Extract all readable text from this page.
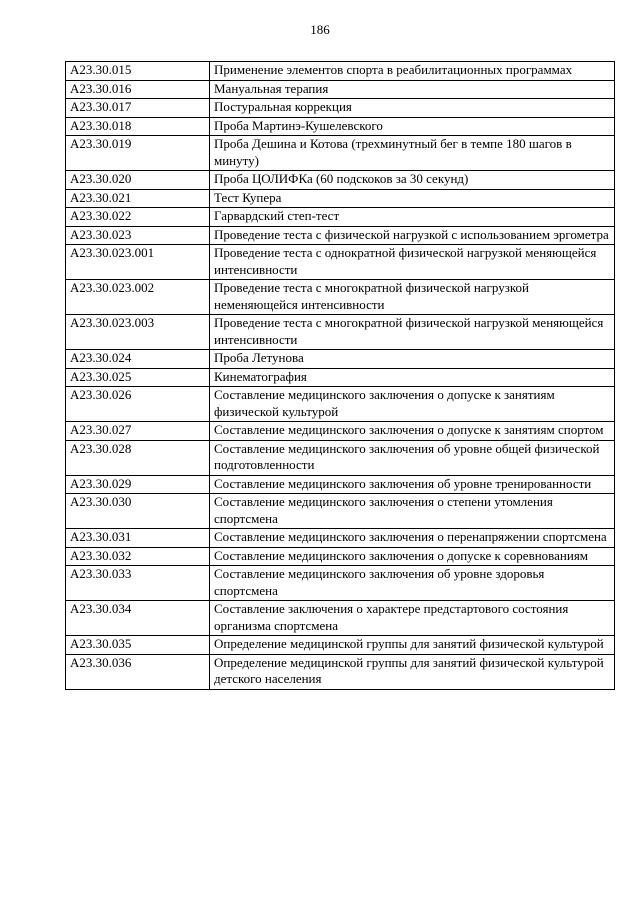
186
A23.30.015	Применение элементов спорта в реабилитационных программах
A23.30.016	Мануальная терапия
A23.30.017	Постуральная коррекция
A23.30.018	Проба Мартинэ-Кушелевского
A23.30.019	Проба Дешина и Котова (трехминутный бег в темпе 180 шагов в минуту)
A23.30.020	Проба ЦОЛИФКа (60 подскоков за 30 секунд)
A23.30.021	Тест Купера
A23.30.022	Гарвардский степ-тест
A23.30.023	Проведение теста с физической нагрузкой с использованием эргометра
A23.30.023.001	Проведение теста с однократной физической нагрузкой меняющейся интенсивности
A23.30.023.002	Проведение теста с многократной физической нагрузкой неменяющейся интенсивности
A23.30.023.003	Проведение теста с многократной физической нагрузкой меняющейся интенсивности
A23.30.024	Проба Летунова
A23.30.025	Кинематография
A23.30.026	Составление медицинского заключения о допуске к занятиям физической культурой
A23.30.027	Составление медицинского заключения о допуске к занятиям спортом
A23.30.028	Составление медицинского заключения об уровне общей физической подготовленности
A23.30.029	Составление медицинского заключения об уровне тренированности
A23.30.030	Составление медицинского заключения о степени утомления спортсмена
A23.30.031	Составление медицинского заключения о перенапряжении спортсмена
A23.30.032	Составление медицинского заключения о допуске к соревнованиям
A23.30.033	Составление медицинского заключения об уровне здоровья спортсмена
A23.30.034	Составление заключения о характере предстартового состояния организма спортсмена
A23.30.035	Определение медицинской группы для занятий физической культурой
A23.30.036	Определение медицинской группы для занятий физической культурой детского населения
